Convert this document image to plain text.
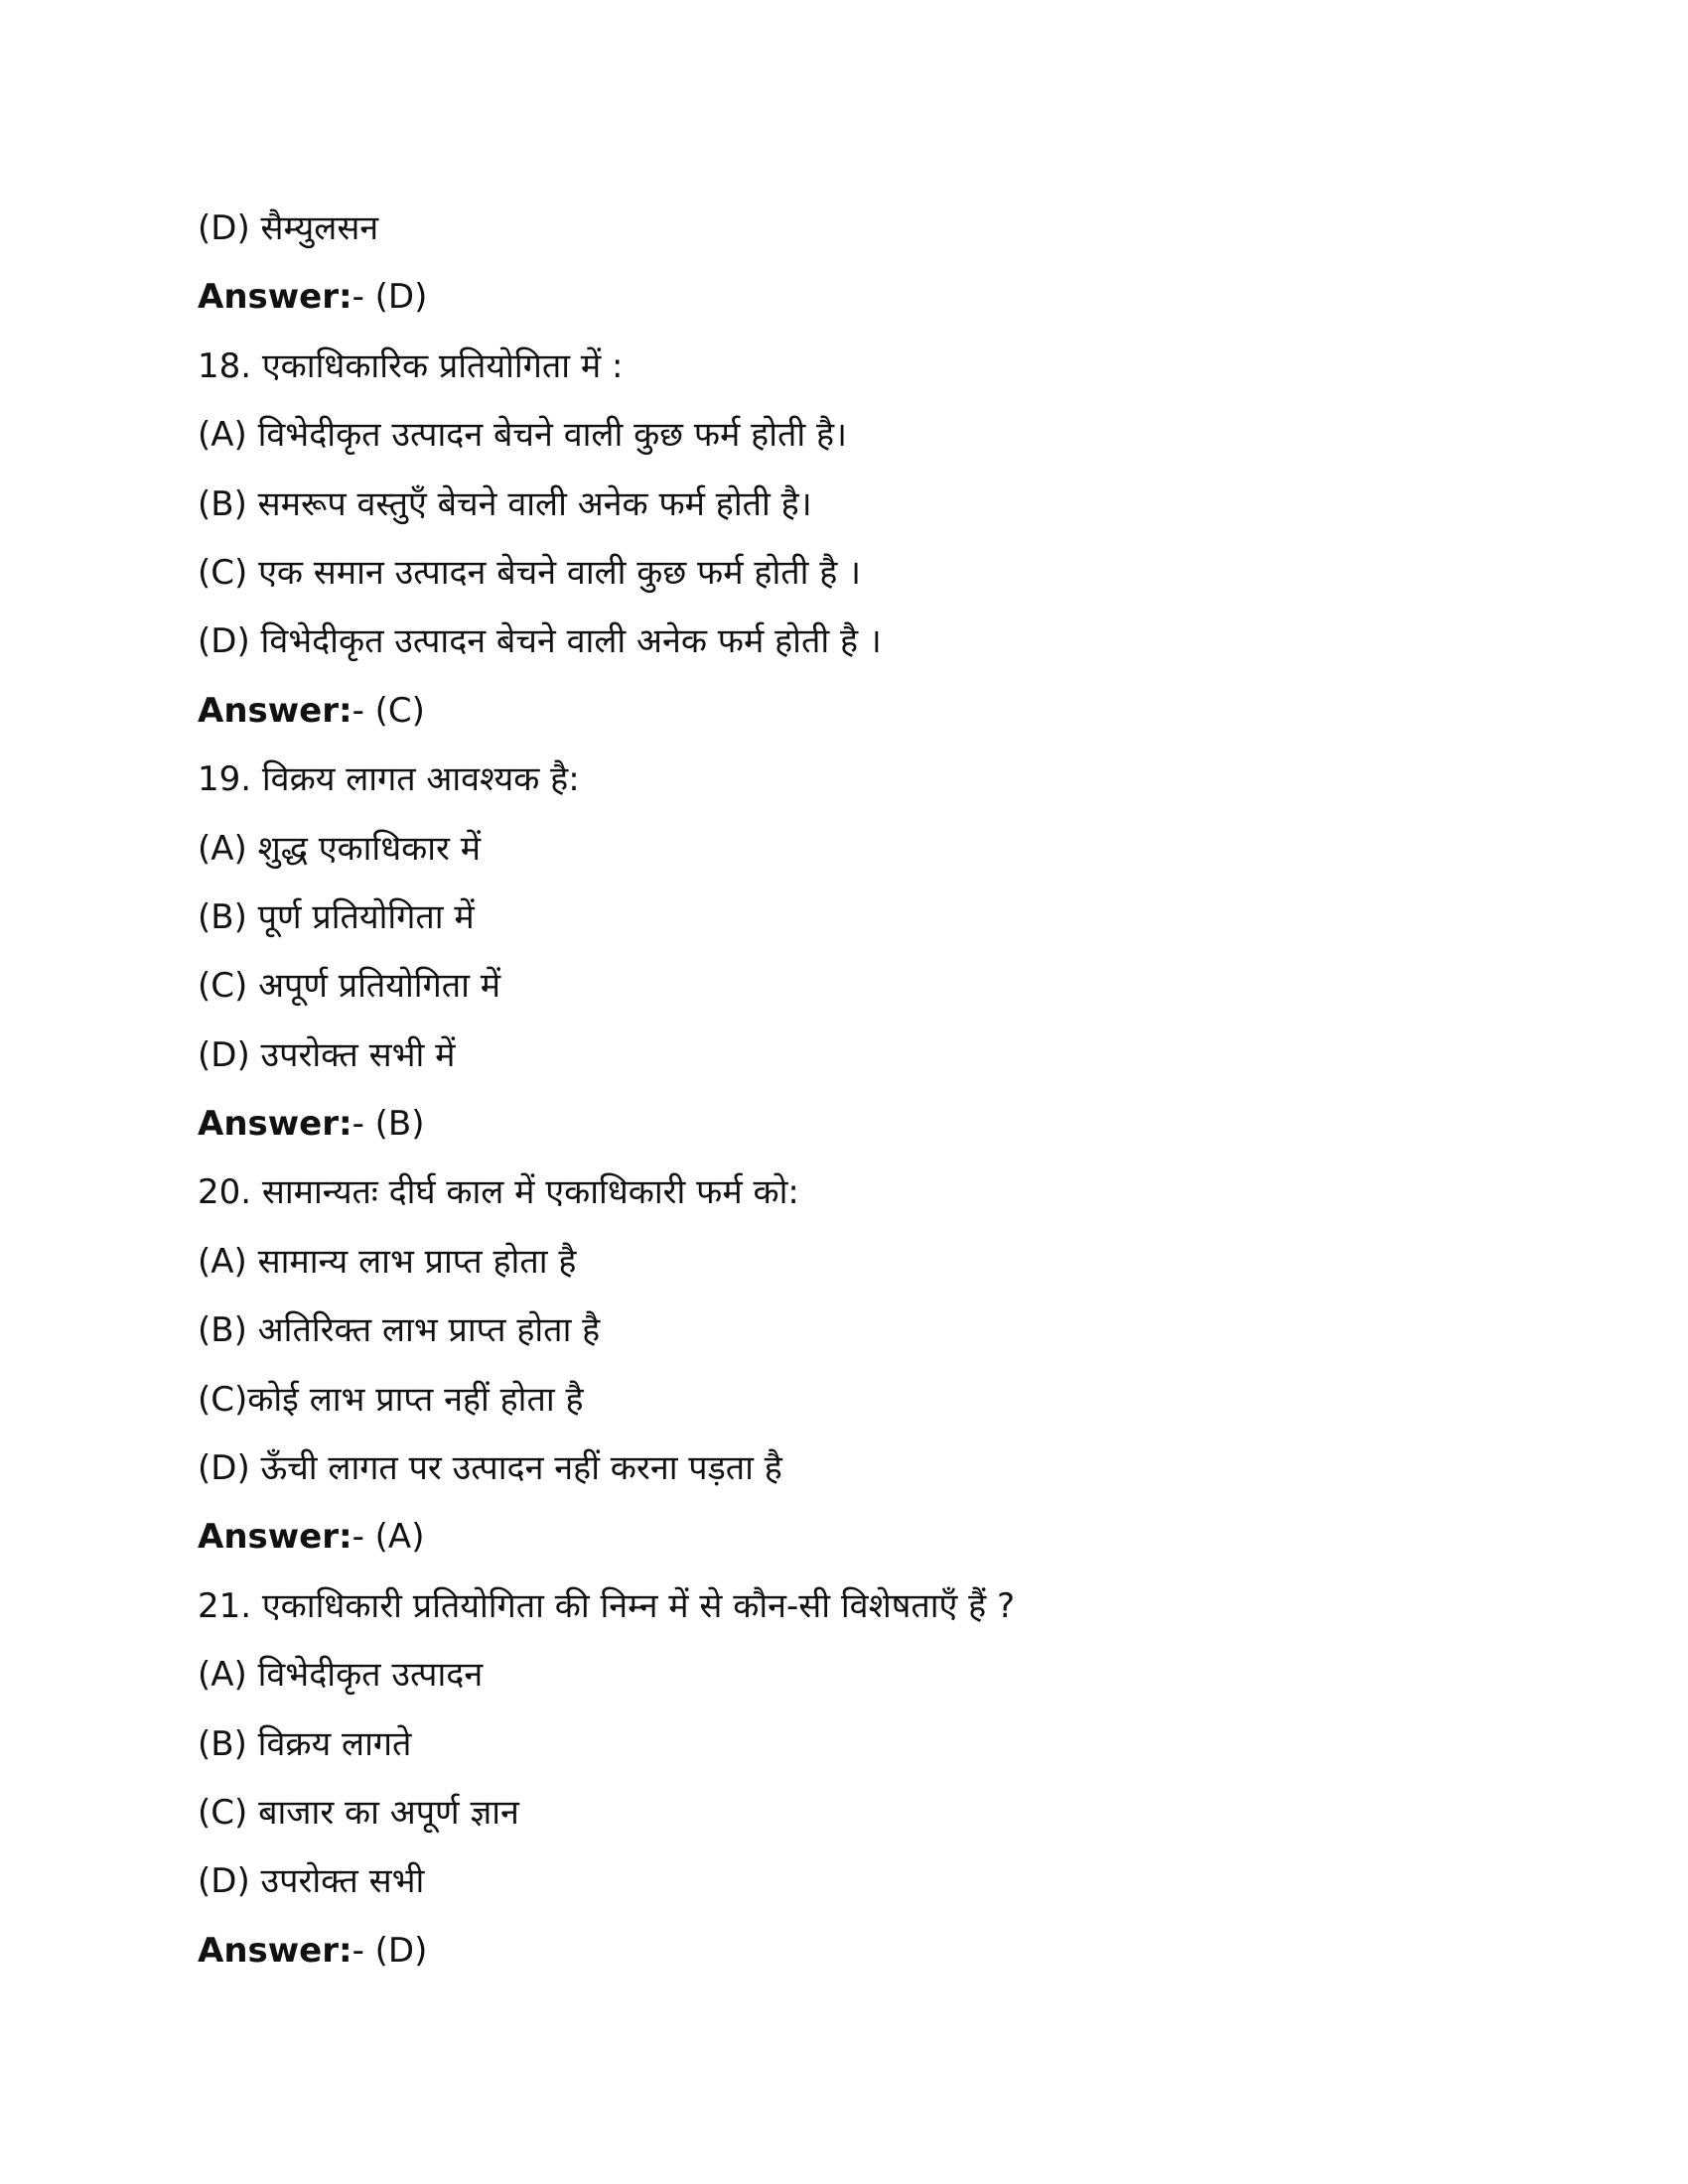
(D) सैम्युलसन
Answer:- (D)
18. एकाधिकारिक प्रतियोगिता में :
(A) विभेदीकृत उत्पादन बेचने वाली कुछ फर्म होती है।
(B) समरूप वस्तुएँ बेचने वाली अनेक फर्म होती है।
(C) एक समान उत्पादन बेचने वाली कुछ फर्म होती है ।
(D) विभेदीकृत उत्पादन बेचने वाली अनेक फर्म होती है ।
Answer:- (C)
19. विक्रय लागत आवश्यक है:
(A) शुद्ध एकाधिकार में
(B) पूर्ण प्रतियोगिता में
(C) अपूर्ण प्रतियोगिता में
(D) उपरोक्त सभी में
Answer:- (B)
20. सामान्यतः दीर्घ काल में एकाधिकारी फर्म को:
(A) सामान्य लाभ प्राप्त होता है
(B) अतिरिक्त लाभ प्राप्त होता है
(C)कोई लाभ प्राप्त नहीं होता है
(D) ऊँची लागत पर उत्पादन नहीं करना पड़ता है
Answer:- (A)
21. एकाधिकारी प्रतियोगिता की निम्न में से कौन-सी विशेषताएँ हैं ?
(A) विभेदीकृत उत्पादन
(B) विक्रय लागते
(C) बाजार का अपूर्ण ज्ञान
(D) उपरोक्त सभी
Answer:- (D)
